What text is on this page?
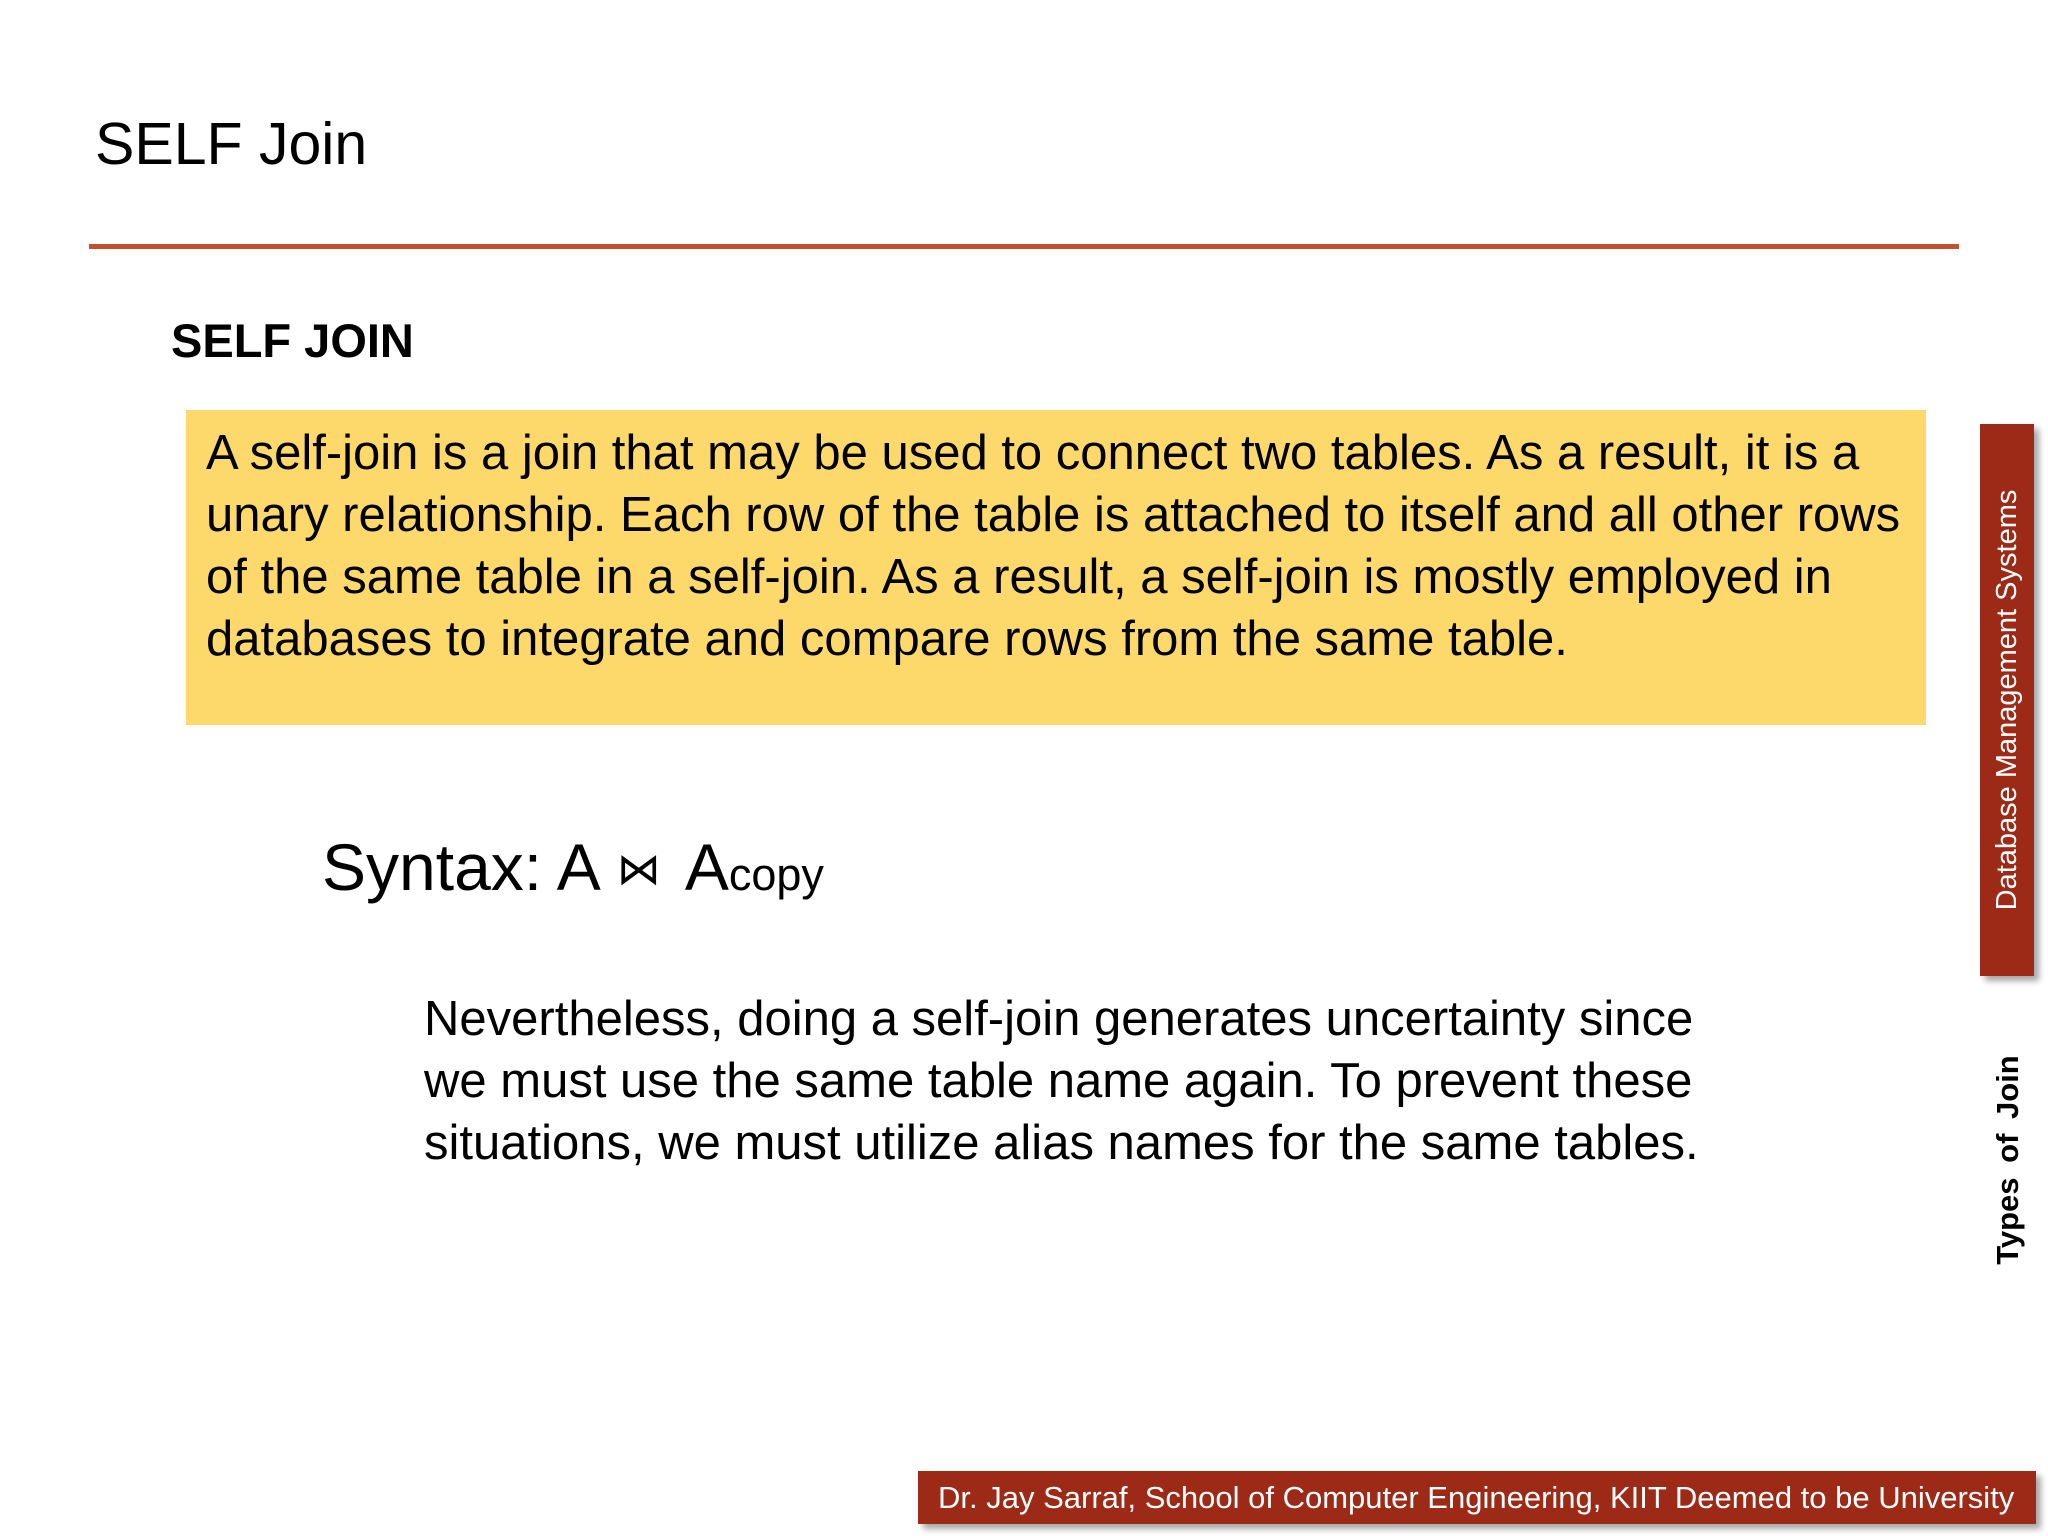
SELF Join
SELF JOIN
A self-join is a join that may be used to connect two tables. As a result, it is a unary relationship. Each row of the table is attached to itself and all other rows of the same table in a self-join. As a result, a self-join is mostly employed in databases to integrate and compare rows from the same table.
Syntax: A ⋈ Acopy
Nevertheless, doing a self-join generates uncertainty since we must use the same table name again. To prevent these situations, we must utilize alias names for the same tables.
Database Management Systems
Types of Join
Dr. Jay Sarraf, School of Computer Engineering, KIIT Deemed to be University
